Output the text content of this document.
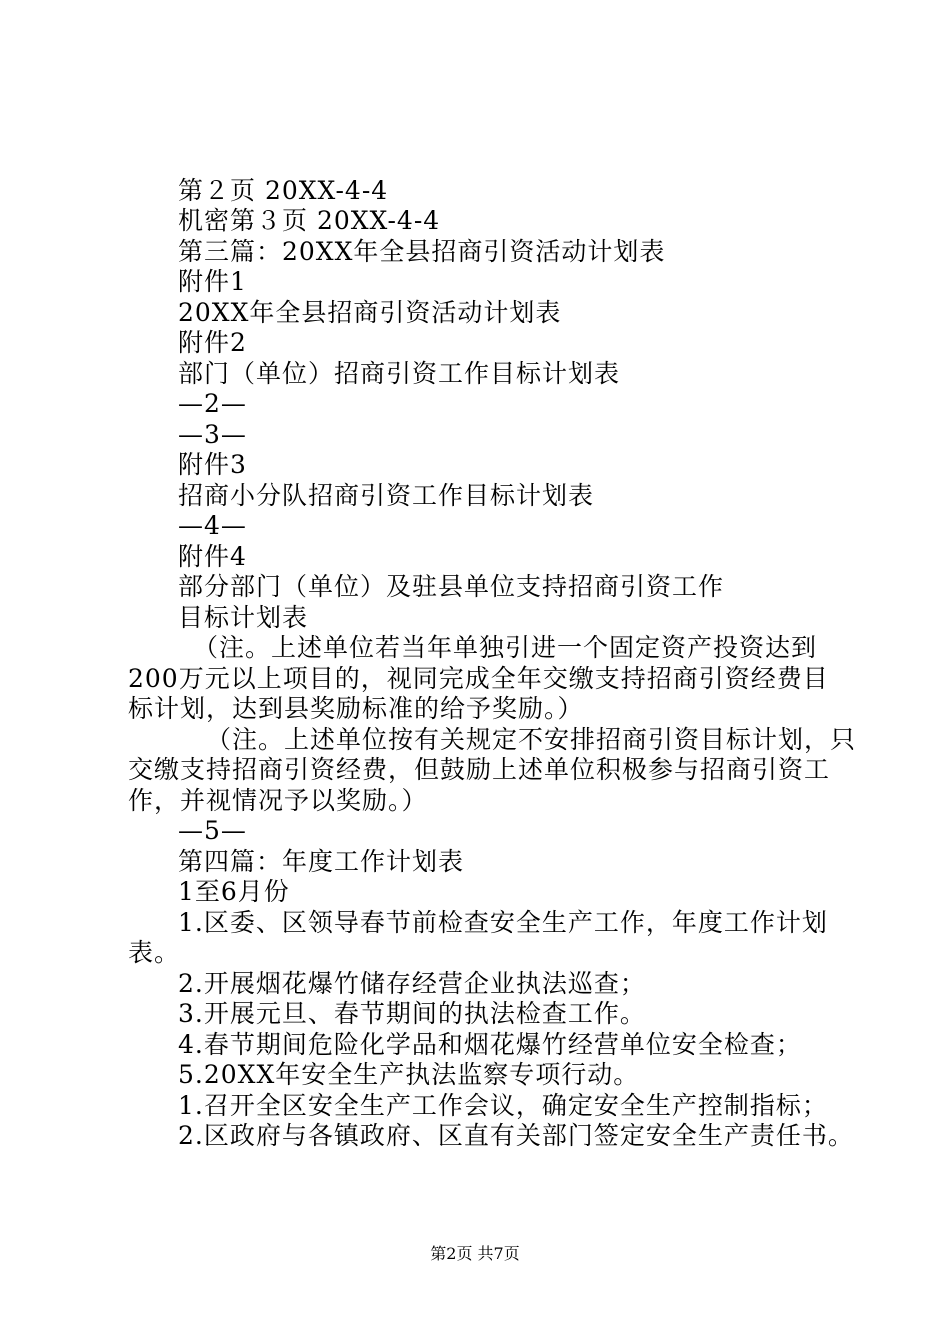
第２页 20XX-4-4
机密第３页 20XX-4-4
第三篇：20XX年全县招商引资活动计划表
附件1
20XX年全县招商引资活动计划表
附件2
部门（单位）招商引资工作目标计划表
—2—
—3—
附件3
招商小分队招商引资工作目标计划表
—4—
附件4
部分部门（单位）及驻县单位支持招商引资工作
目标计划表
（注。上述单位若当年单独引进一个固定资产投资达到
200万元以上项目的，视同完成全年交缴支持招商引资经费目
标计划，达到县奖励标准的给予奖励。）
（注。上述单位按有关规定不安排招商引资目标计划，只
交缴支持招商引资经费，但鼓励上述单位积极参与招商引资工
作，并视情况予以奖励。）
—5—
第四篇：年度工作计划表
1至6月份
1.区委、区领导春节前检查安全生产工作，年度工作计划
表。
2.开展烟花爆竹储存经营企业执法巡查；
3.开展元旦、春节期间的执法检查工作。
4.春节期间危险化学品和烟花爆竹经营单位安全检查；
5.20XX年安全生产执法监察专项行动。
1.召开全区安全生产工作会议，确定安全生产控制指标；
2.区政府与各镇政府、区直有关部门签定安全生产责任书。
第2页 共7页
